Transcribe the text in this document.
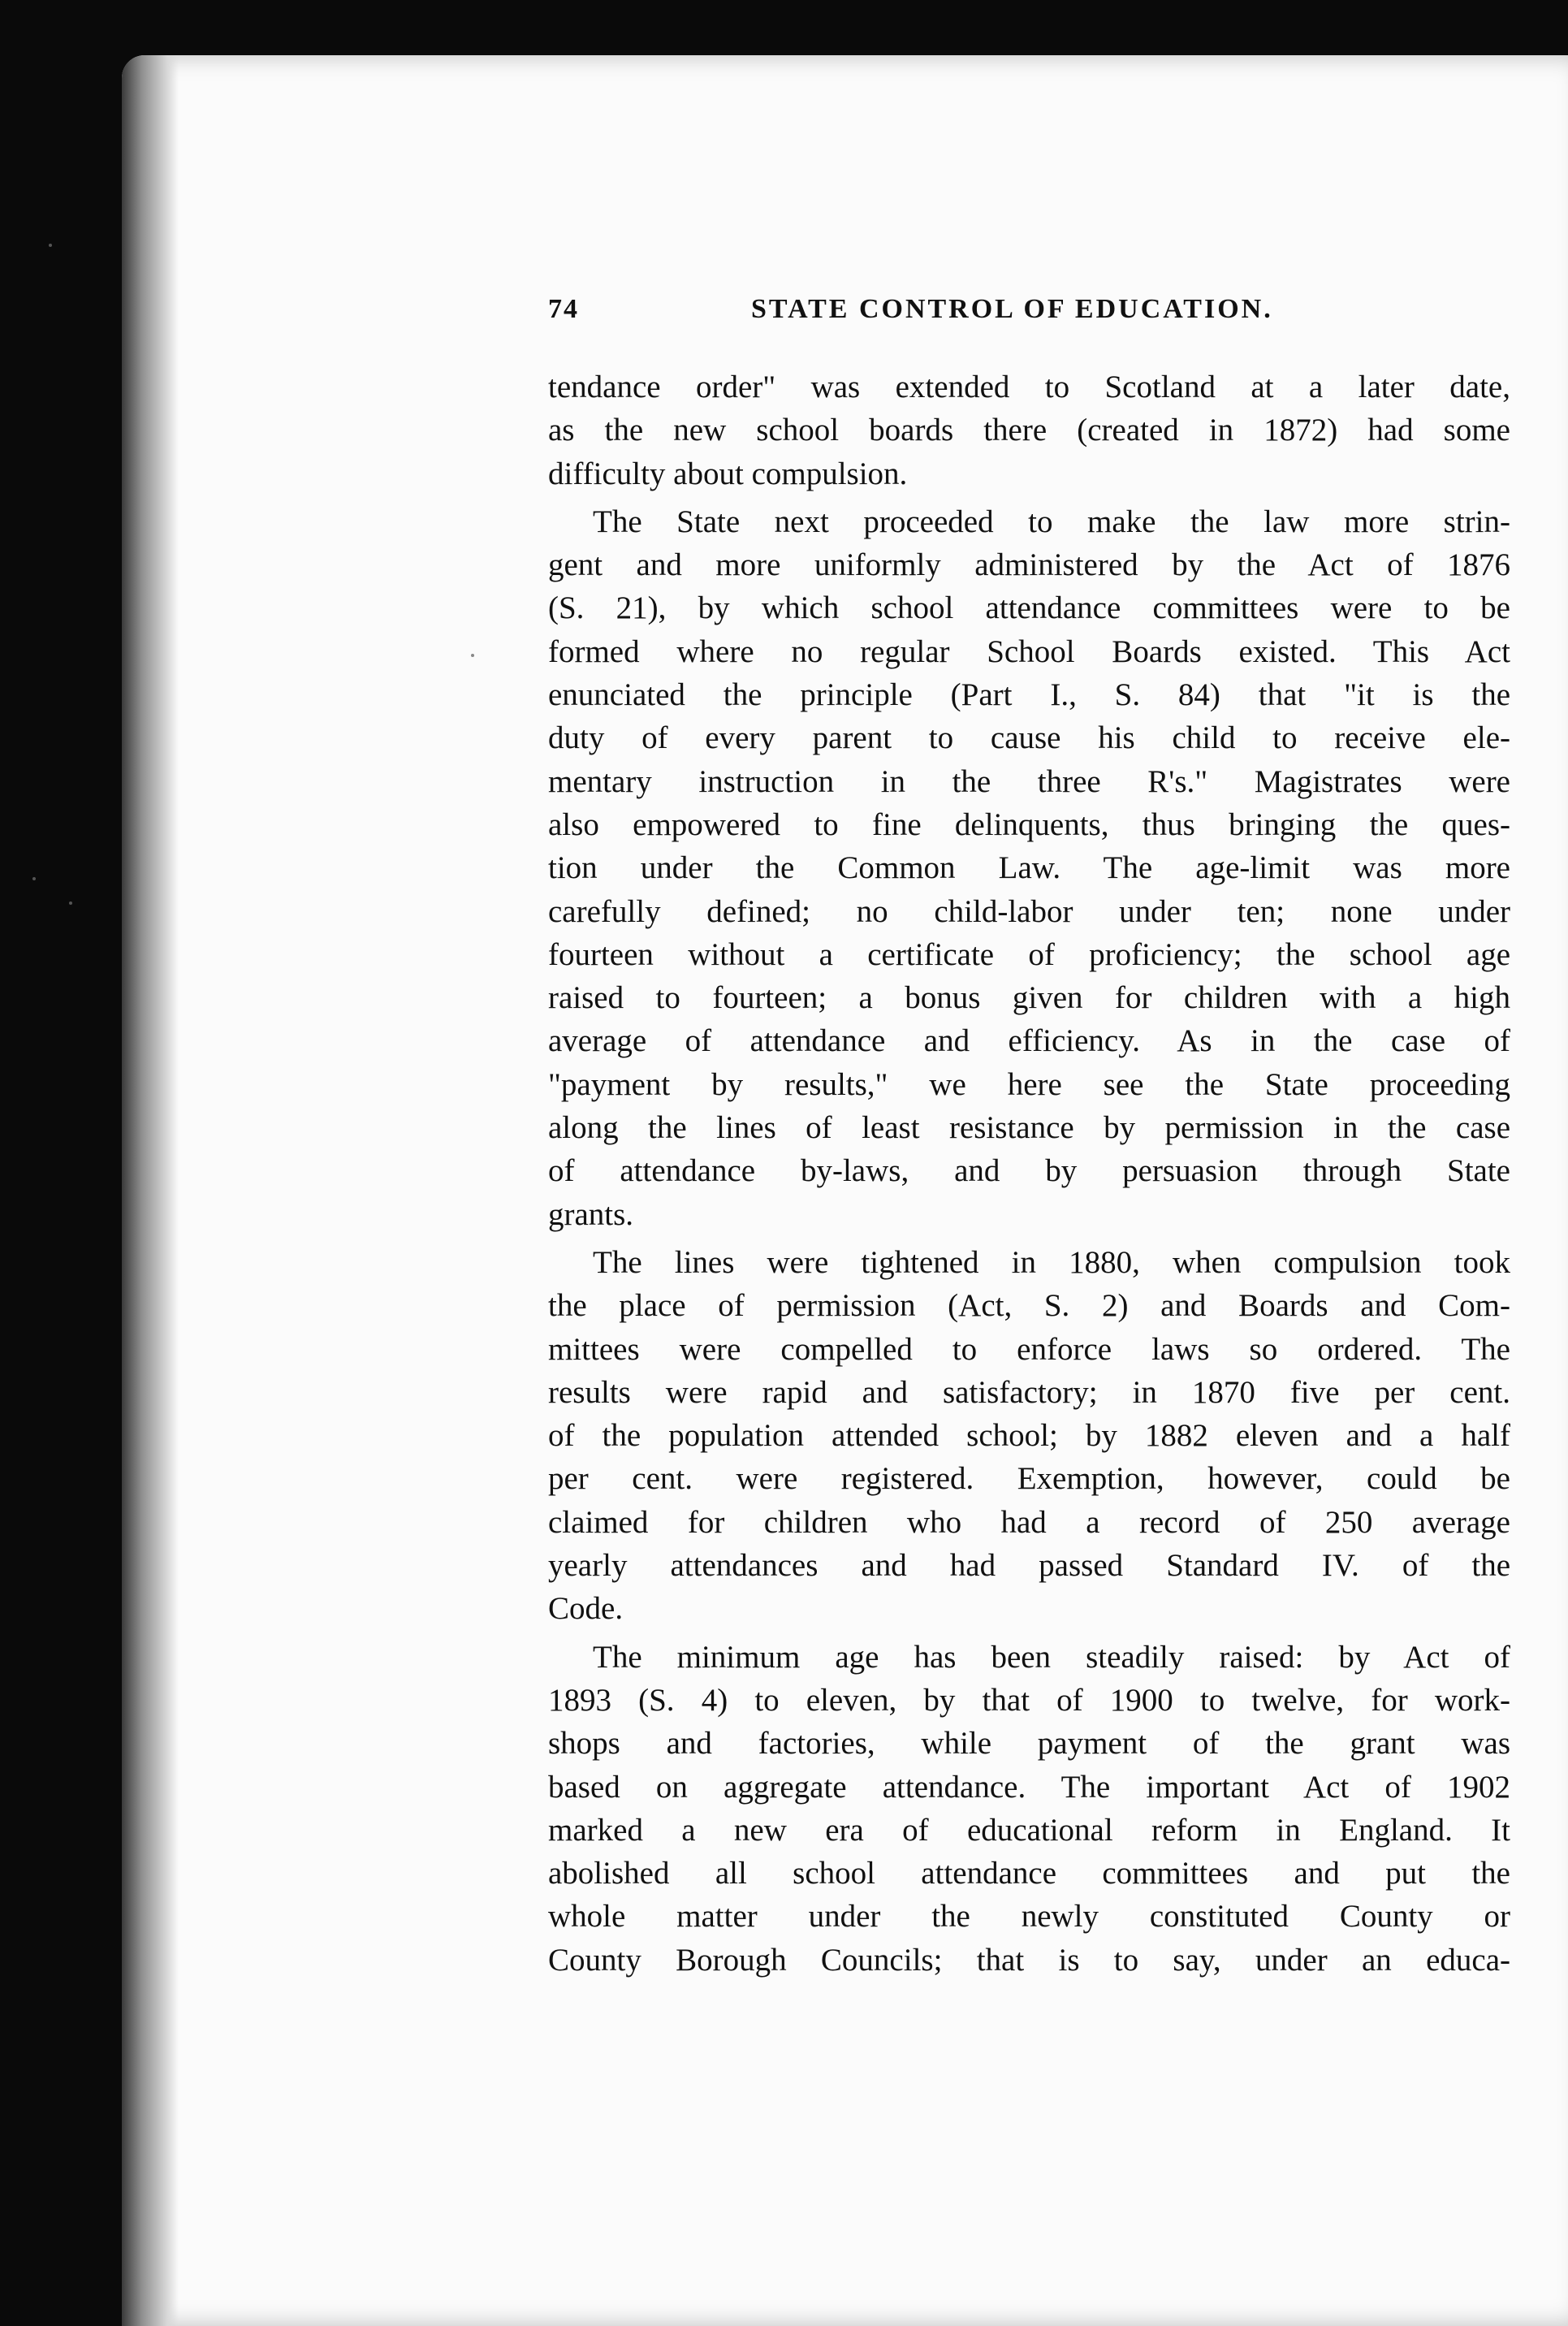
74	STATE CONTROL OF EDUCATION.
tendance order" was extended to Scotland at a later date,
as the new school boards there (created in 1872) had some
difficulty about compulsion.
The State next proceeded to make the law more strin-
gent and more uniformly administered by the Act of 1876
(S. 21), by which school attendance committees were to be
formed where no regular School Boards existed. This Act
enunciated the principle (Part I., S. 84) that "it is the
duty of every parent to cause his child to receive ele-
mentary instruction in the three R's." Magistrates were
also empowered to fine delinquents, thus bringing the ques-
tion under the Common Law. The age-limit was more
carefully defined; no child-labor under ten; none under
fourteen without a certificate of proficiency; the school age
raised to fourteen; a bonus given for children with a high
average of attendance and efficiency. As in the case of
"payment by results," we here see the State proceeding
along the lines of least resistance by permission in the case
of attendance by-laws, and by persuasion through State
grants.
The lines were tightened in 1880, when compulsion took
the place of permission (Act, S. 2) and Boards and Com-
mittees were compelled to enforce laws so ordered. The
results were rapid and satisfactory; in 1870 five per cent.
of the population attended school; by 1882 eleven and a half
per cent. were registered. Exemption, however, could be
claimed for children who had a record of 250 average
yearly attendances and had passed Standard IV. of the
Code.
The minimum age has been steadily raised: by Act of
1893 (S. 4) to eleven, by that of 1900 to twelve, for work-
shops and factories, while payment of the grant was
based on aggregate attendance. The important Act of 1902
marked a new era of educational reform in England. It
abolished all school attendance committees and put the
whole matter under the newly constituted County or
County Borough Councils; that is to say, under an educa-
